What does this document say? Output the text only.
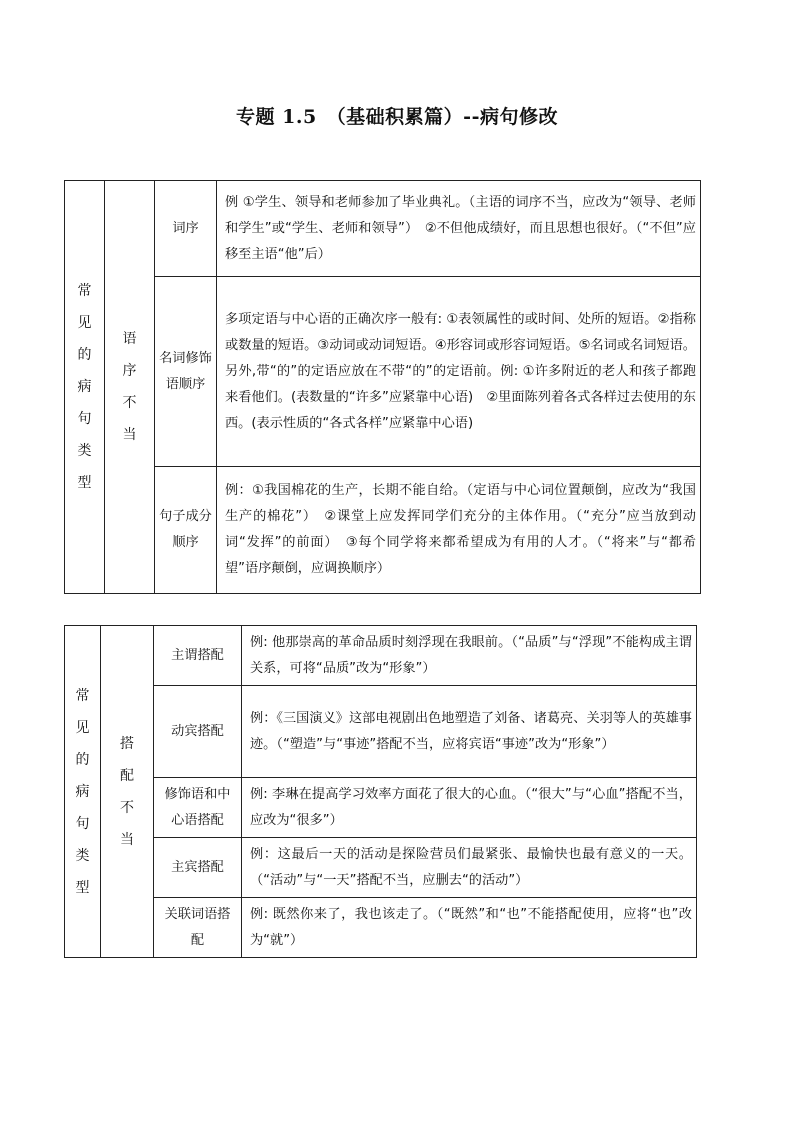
专题 1.5　（基础积累篇）--病句修改
常见的病句类型	语序不当	词序	例 ①学生、领导和老师参加了毕业典礼。（主语的词序不当，应改为“领导、老师和学生”或“学生、老师和领导”）　②不但他成绩好，而且思想也很好。（“不但”应移至主语“他”后）
		名词修饰语顺序	多项定语与中心语的正确次序一般有: ①表领属性的或时间、处所的短语。②指称或数量的短语。③动词或动词短语。④形容词或形容词短语。⑤名词或名词短语。另外,带“的”的定语应放在不带“的”的定语前。例: ①许多附近的老人和孩子都跑来看他们。(表数量的“许多”应紧靠中心语)　②里面陈列着各式各样过去使用的东西。(表示性质的“各式各样”应紧靠中心语)
		句子成分顺序	例：①我国棉花的生产，长期不能自给。（定语与中心词位置颠倒，应改为“我国生产的棉花”）　②课堂上应发挥同学们充分的主体作用。（“充分”应当放到动词“发挥”的前面）　③每个同学将来都希望成为有用的人才。（“将来”与“都希望”语序颠倒，应调换顺序）
常见的病句类型	搭 配不当	主谓搭配	例: 他那崇高的革命品质时刻浮现在我眼前。（“品质”与“浮现”不能构成主谓关系，可将“品质”改为“形象”）
		动宾搭配	例：《三国演义》这部电视剧出色地塑造了刘备、诸葛亮、关羽等人的英雄事迹。（“塑造”与“事迹”搭配不当，应将宾语“事迹”改为“形象”）
		修饰语和中心语搭配	例: 李琳在提高学习效率方面花了很大的心血。（“很大”与“心血”搭配不当，应改为“很多”）
		主宾搭配	例：这最后一天的活动是探险营员们最紧张、最愉快也最有意义的一天。（“活动”与“一天”搭配不当，应删去“的活动”）
		关联词语搭配	例: 既然你来了，我也该走了。（“既然”和“也”不能搭配使用，应将“也”改为“就”）
